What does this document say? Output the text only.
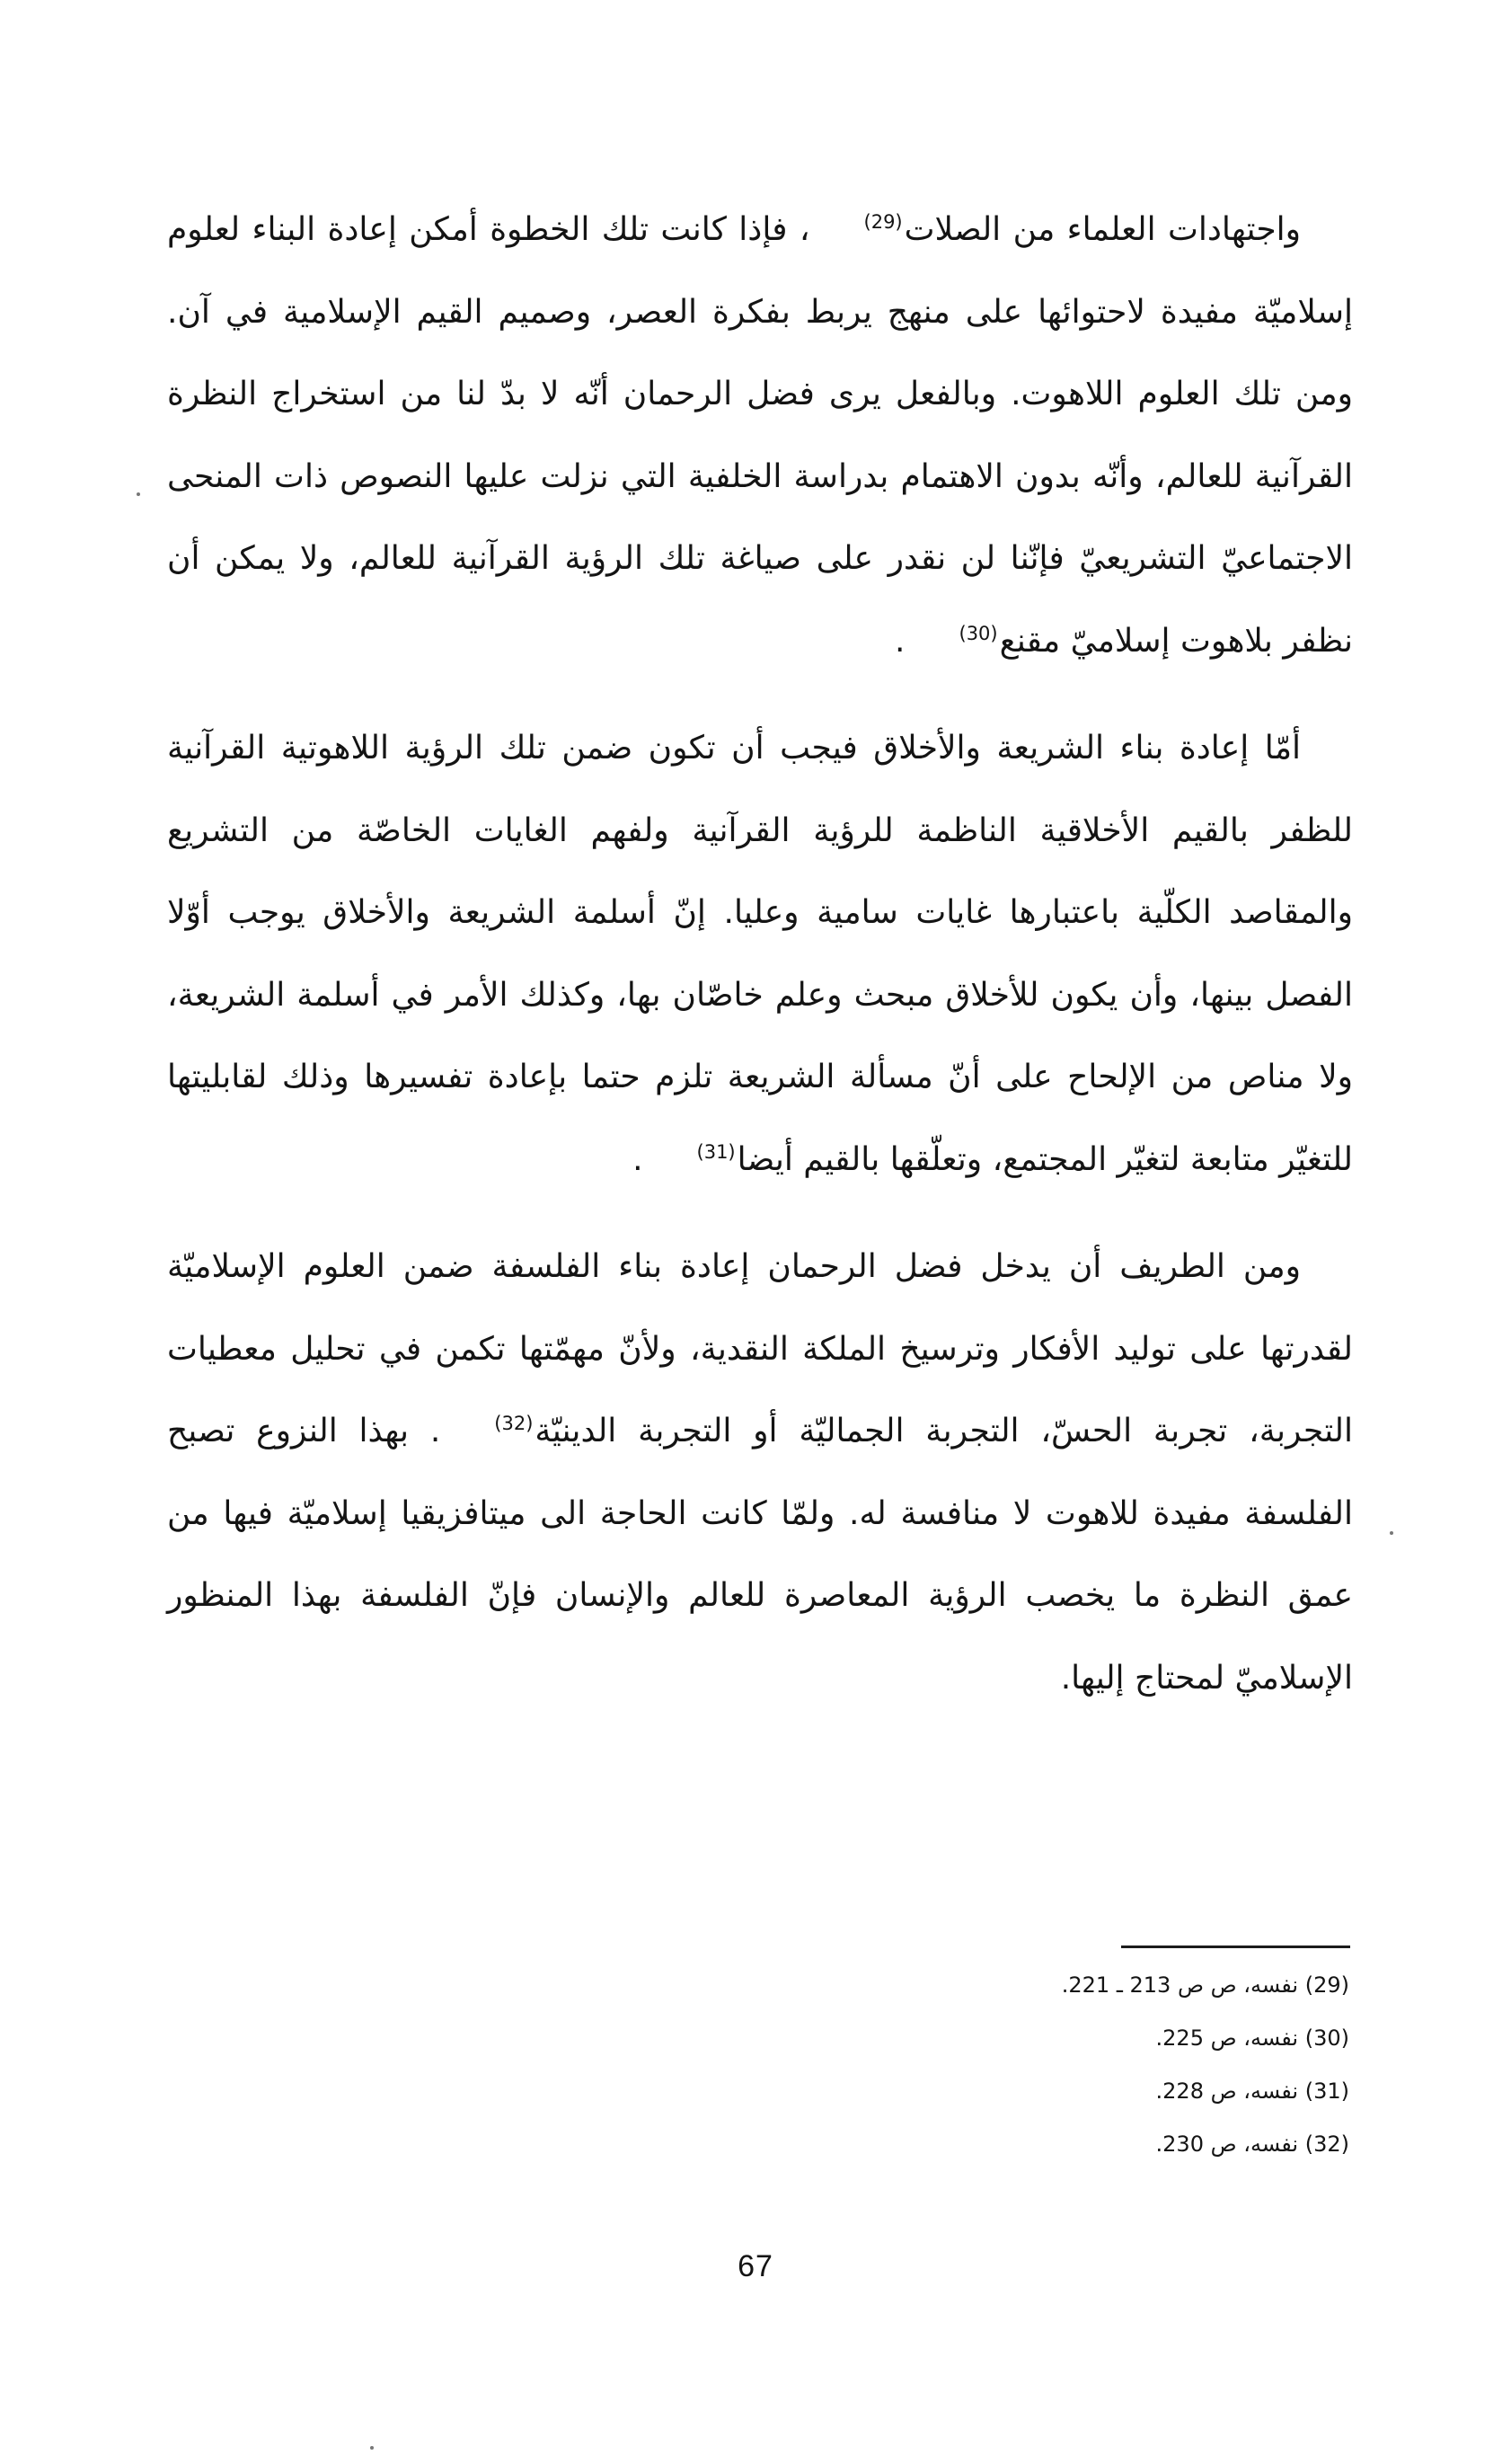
واجتهادات العلماء من الصلات$^{(29)}$، فإذا كانت تلك الخطوة أمكن إعادة البناء لعلوم إسلاميّة مفيدة لاحتوائها على منهج يربط بفكرة العصر، وصميم القيم الإسلامية في آن. ومن تلك العلوم اللاهوت. وبالفعل يرى فضل الرحمان أنّه لا بدّ لنا من استخراج النظرة القرآنية للعالم، وأنّه بدون الاهتمام بدراسة الخلفية التي نزلت عليها النصوص ذات المنحى الاجتماعيّ التشريعيّ فإنّنا لن نقدر على صياغة تلك الرؤية القرآنية للعالم، ولا يمكن أن نظفر بلاهوت إسلاميّ مقنع$^{(30)}$.

أمّا إعادة بناء الشريعة والأخلاق فيجب أن تكون ضمن تلك الرؤية اللاهوتية القرآنية للظفر بالقيم الأخلاقية الناظمة للرؤية القرآنية ولفهم الغايات الخاصّة من التشريع والمقاصد الكلّية باعتبارها غايات سامية وعليا. إنّ أسلمة الشريعة والأخلاق يوجب أوّلا الفصل بينها، وأن يكون للأخلاق مبحث وعلم خاصّان بها، وكذلك الأمر في أسلمة الشريعة، ولا مناص من الإلحاح على أنّ مسألة الشريعة تلزم حتما بإعادة تفسيرها وذلك لقابليتها للتغيّر متابعة لتغيّر المجتمع، وتعلّقها بالقيم أيضا$^{(31)}$.

ومن الطريف أن يدخل فضل الرحمان إعادة بناء الفلسفة ضمن العلوم الإسلاميّة لقدرتها على توليد الأفكار وترسيخ الملكة النقدية، ولأنّ مهمّتها تكمن في تحليل معطيات التجربة، تجربة الحسّ، التجربة الجماليّة أو التجربة الدينيّة$^{(32)}$. بهذا النزوع تصبح الفلسفة مفيدة للاهوت لا منافسة له. ولمّا كانت الحاجة الى ميتافزيقيا إسلاميّة فيها من عمق النظرة ما يخصب الرؤية المعاصرة للعالم والإنسان فإنّ الفلسفة بهذا المنظور الإسلاميّ لمحتاج إليها.

(29) نفسه، ص ص 213 ـ 221.
(30) نفسه، ص 225.
(31) نفسه، ص 228.
(32) نفسه، ص 230.
67
